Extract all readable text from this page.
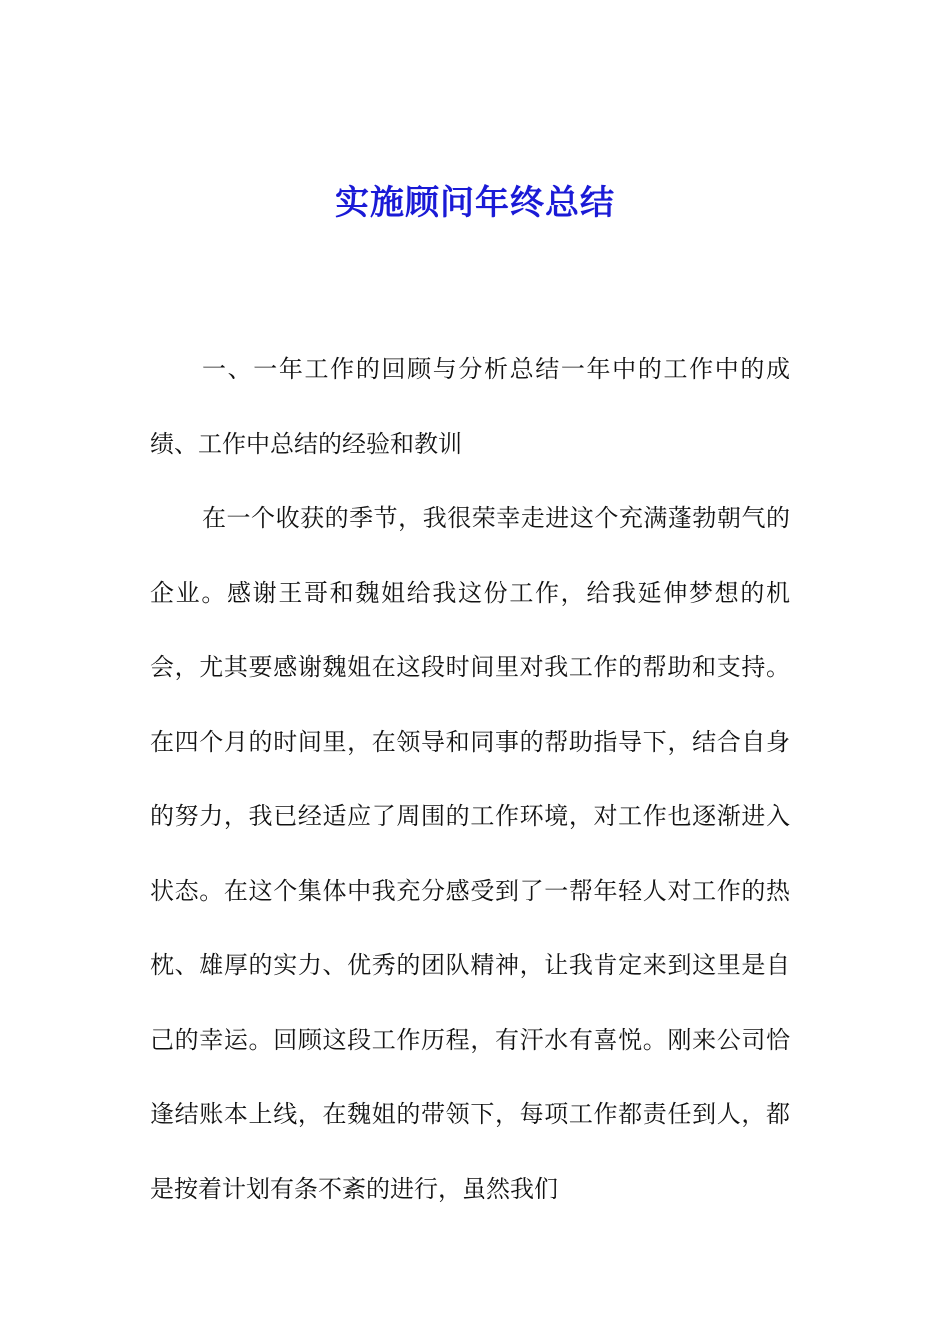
实施顾问年终总结

一、一年工作的回顾与分析总结一年中的工作中的成绩、工作中总结的经验和教训

在一个收获的季节，我很荣幸走进这个充满蓬勃朝气的企业。感谢王哥和魏姐给我这份工作，给我延伸梦想的机会，尤其要感谢魏姐在这段时间里对我工作的帮助和支持。在四个月的时间里，在领导和同事的帮助指导下，结合自身的努力，我已经适应了周围的工作环境，对工作也逐渐进入状态。在这个集体中我充分感受到了一帮年轻人对工作的热枕、雄厚的实力、优秀的团队精神，让我肯定来到这里是自己的幸运。回顾这段工作历程，有汗水有喜悦。刚来公司恰逢结账本上线，在魏姐的带领下，每项工作都责任到人，都是按着计划有条不紊的进行，虽然我们
